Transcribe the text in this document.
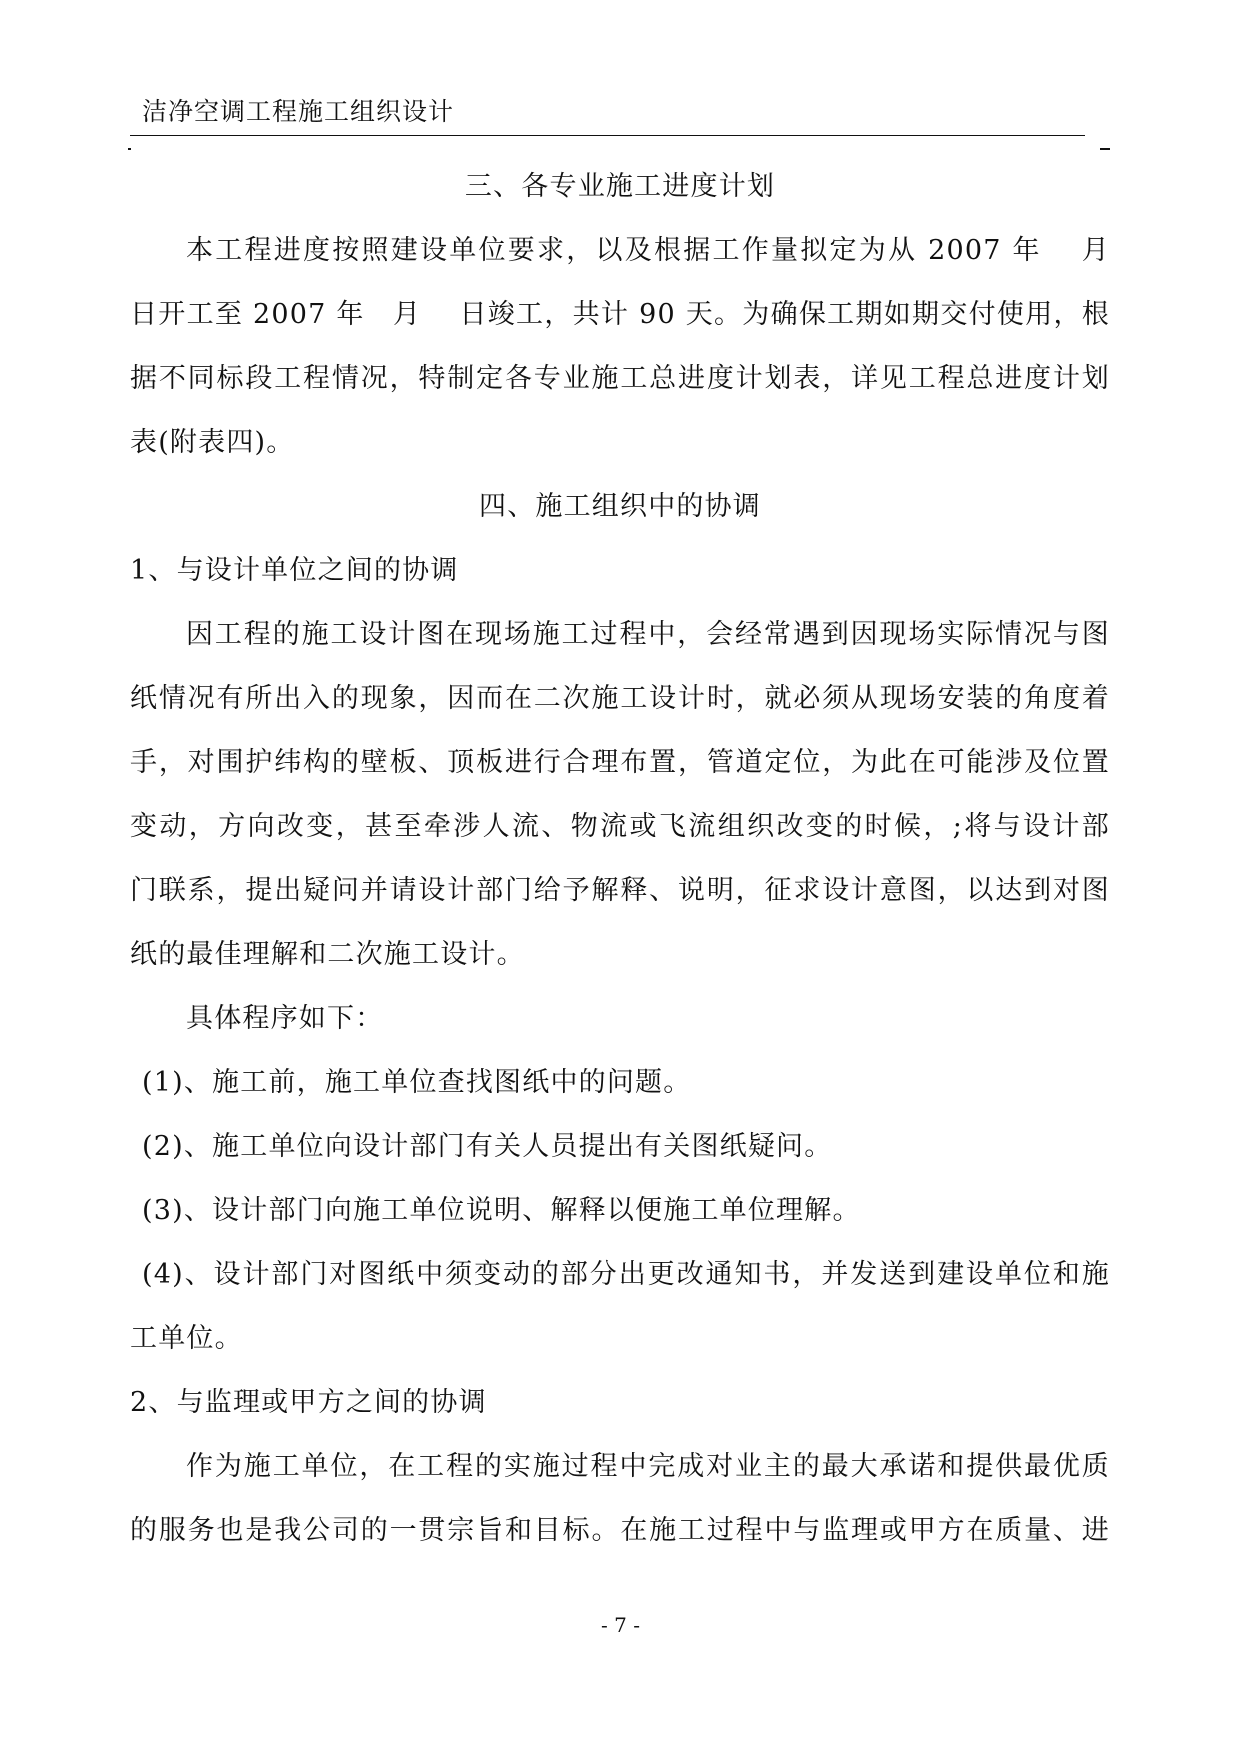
洁净空调工程施工组织设计
三、各专业施工进度计划
本工程进度按照建设单位要求，以及根据工作量拟定为从 2007 年　 月
日开工至 2007 年　月　 日竣工，共计 90 天。为确保工期如期交付使用，根
据不同标段工程情况，特制定各专业施工总进度计划表，详见工程总进度计划
表(附表四)。
四、施工组织中的协调
1、与设计单位之间的协调
因工程的施工设计图在现场施工过程中，会经常遇到因现场实际情况与图
纸情况有所出入的现象，因而在二次施工设计时，就必须从现场安装的角度着
手，对围护纬构的壁板、顶板进行合理布置，管道定位，为此在可能涉及位置
变动，方向改变，甚至牵涉人流、物流或飞流组织改变的时候，;将与设计部
门联系，提出疑问并请设计部门给予解释、说明，征求设计意图，以达到对图
纸的最佳理解和二次施工设计。
具体程序如下：
(1)、施工前，施工单位查找图纸中的问题。
(2)、施工单位向设计部门有关人员提出有关图纸疑问。
(3)、设计部门向施工单位说明、解释以便施工单位理解。
(4)、设计部门对图纸中须变动的部分出更改通知书，并发送到建设单位和施
工单位。
2、与监理或甲方之间的协调
作为施工单位，在工程的实施过程中完成对业主的最大承诺和提供最优质
的服务也是我公司的一贯宗旨和目标。在施工过程中与监理或甲方在质量、进
- 7 -
